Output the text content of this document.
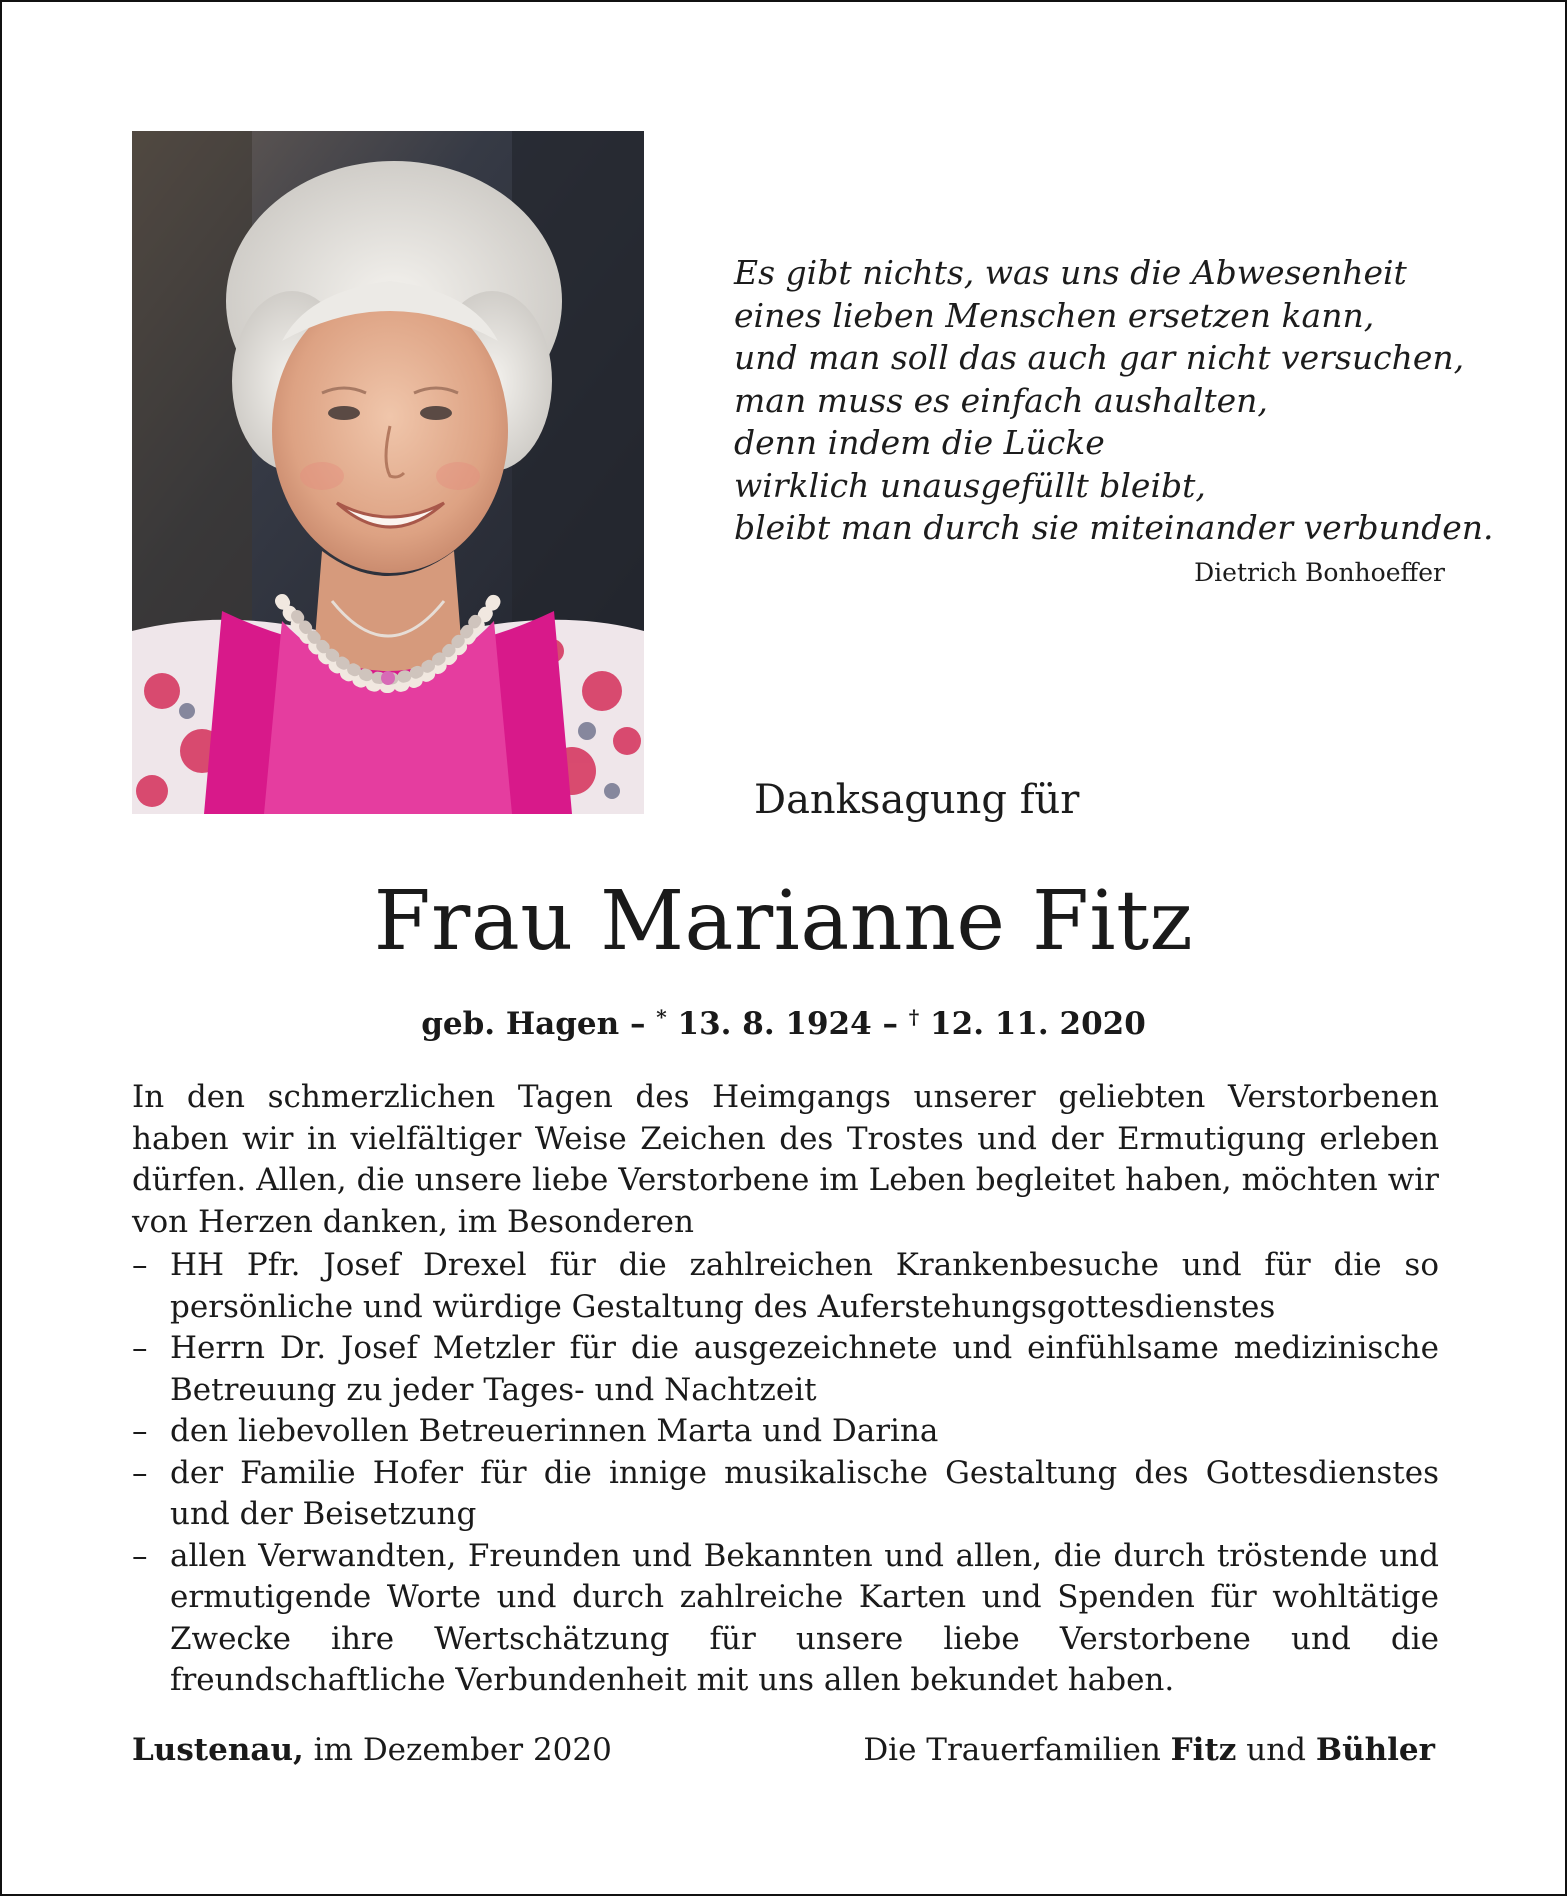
Es gibt nichts, was uns die Abwesenheit
eines lieben Menschen ersetzen kann,
und man soll das auch gar nicht versuchen,
man muss es einfach aushalten,
denn indem die Lücke
wirklich unausgefüllt bleibt,
bleibt man durch sie miteinander verbunden.
Dietrich Bonhoeffer
Danksagung für
Frau Marianne Fitz
geb. Hagen – * 13. 8. 1924 – † 12. 11. 2020
In den schmerzlichen Tagen des Heimgangs unserer geliebten Verstorbenen haben wir in vielfältiger Weise Zeichen des Trostes und der Ermutigung erleben dürfen. Allen, die unsere liebe Verstorbene im Leben begleitet haben, möchten wir von Herzen danken, im Besonderen
– HH Pfr. Josef Drexel für die zahlreichen Krankenbesuche und für die so persönliche und würdige Gestaltung des Auferstehungsgottesdienstes
– Herrn Dr. Josef Metzler für die ausgezeichnete und einfühlsame medizinische Betreuung zu jeder Tages- und Nachtzeit
– den liebevollen Betreuerinnen Marta und Darina
– der Familie Hofer für die innige musikalische Gestaltung des Gottesdienstes und der Beisetzung
– allen Verwandten, Freunden und Bekannten und allen, die durch tröstende und ermutigende Worte und durch zahlreiche Karten und Spenden für wohltätige Zwecke ihre Wertschätzung für unsere liebe Verstorbene und die freundschaftliche Verbundenheit mit uns allen bekundet haben.
Lustenau, im Dezember 2020	Die Trauerfamilien Fitz und Bühler
